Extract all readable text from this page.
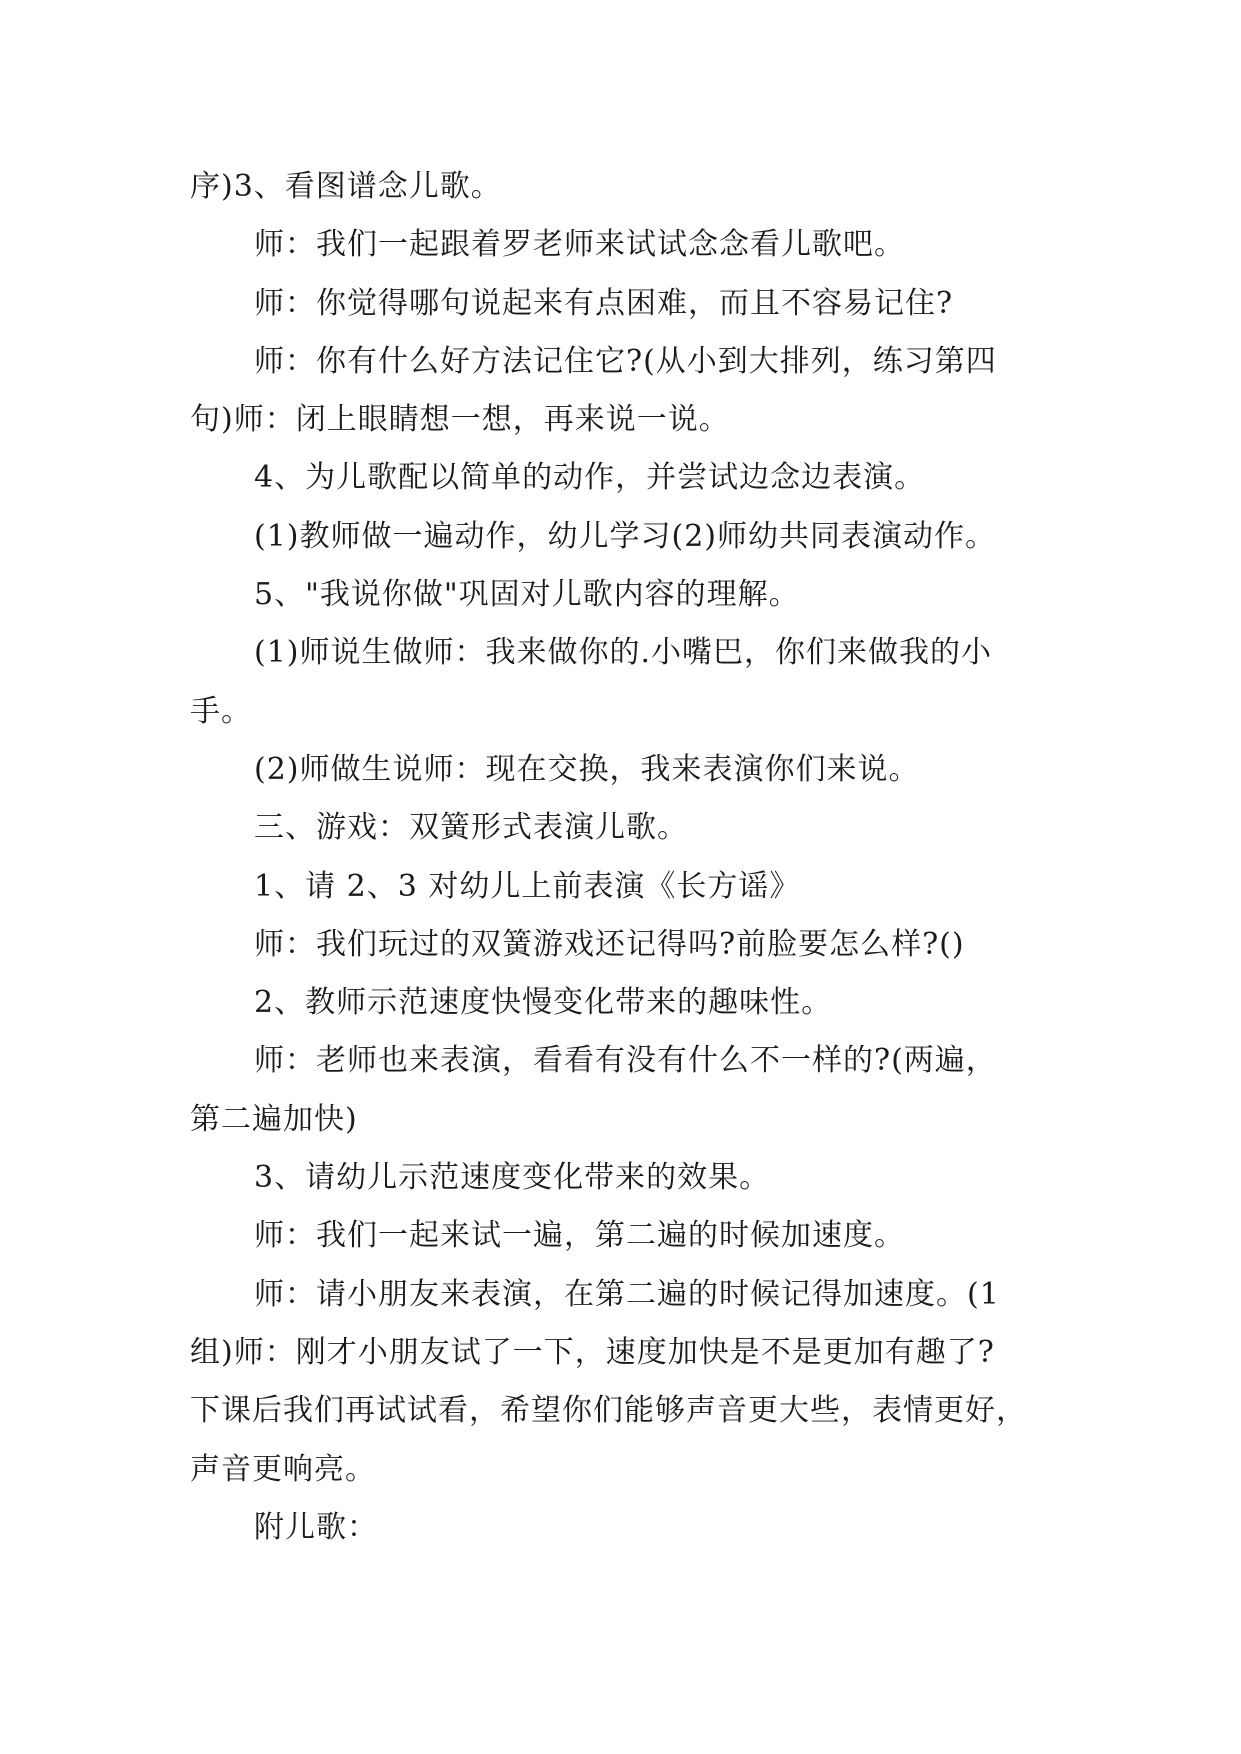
序)3、看图谱念儿歌。
师：我们一起跟着罗老师来试试念念看儿歌吧。
师：你觉得哪句说起来有点困难，而且不容易记住?
师：你有什么好方法记住它?(从小到大排列，练习第四
句)师：闭上眼睛想一想，再来说一说。
4、为儿歌配以简单的动作，并尝试边念边表演。
(1)教师做一遍动作，幼儿学习(2)师幼共同表演动作。
5、"我说你做"巩固对儿歌内容的理解。
(1)师说生做师：我来做你的.小嘴巴，你们来做我的小
手。
(2)师做生说师：现在交换，我来表演你们来说。
三、游戏：双簧形式表演儿歌。
1、请 2、3 对幼儿上前表演《长方谣》
师：我们玩过的双簧游戏还记得吗?前脸要怎么样?()
2、教师示范速度快慢变化带来的趣味性。
师：老师也来表演，看看有没有什么不一样的?(两遍，
第二遍加快)
3、请幼儿示范速度变化带来的效果。
师：我们一起来试一遍，第二遍的时候加速度。
师：请小朋友来表演，在第二遍的时候记得加速度。(1
组)师：刚才小朋友试了一下，速度加快是不是更加有趣了?
下课后我们再试试看，希望你们能够声音更大些，表情更好，
声音更响亮。
附儿歌：
